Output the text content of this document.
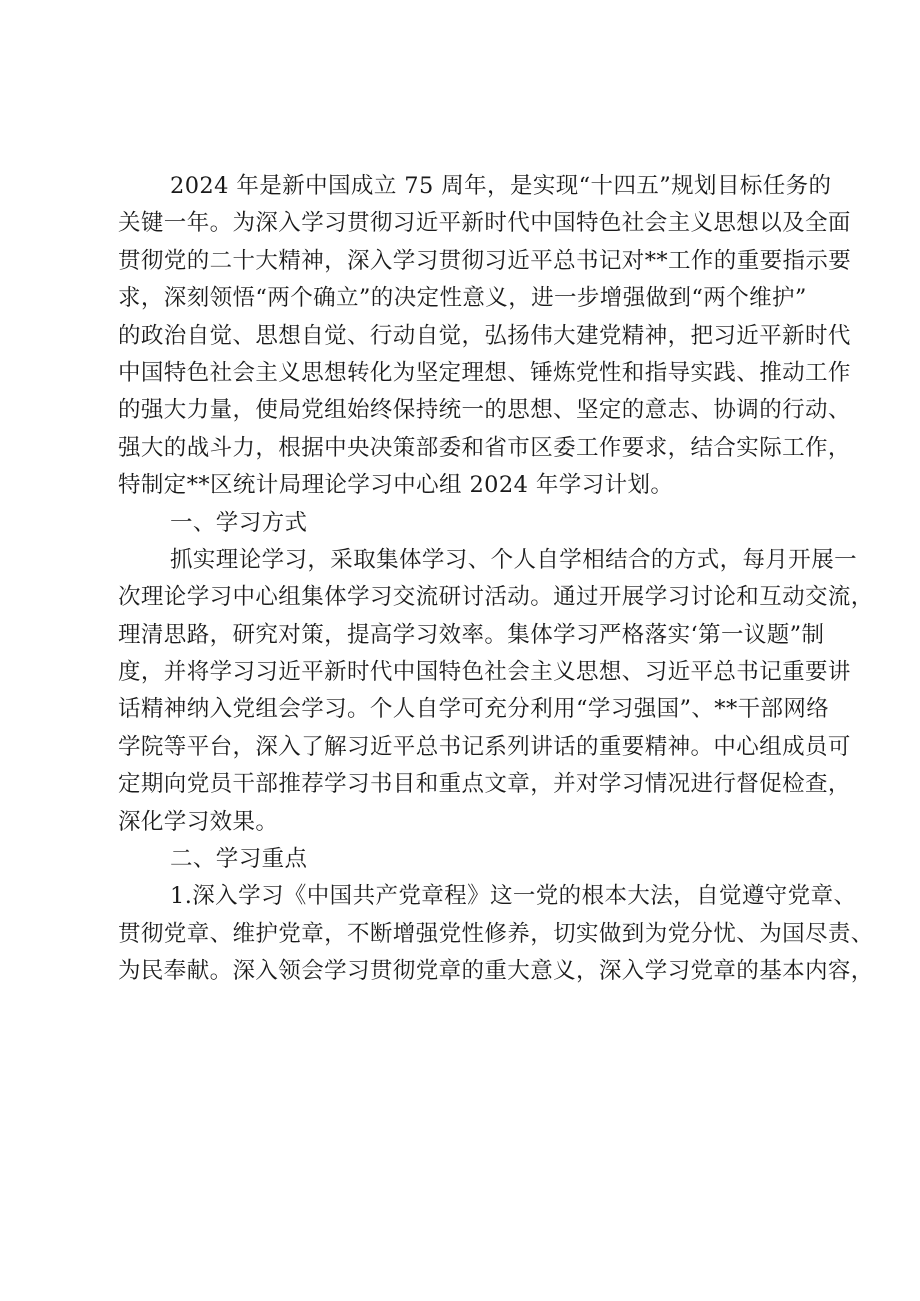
2024 年是新中国成立 75 周年，是实现“十四五”规划目标任务的
关键一年。为深入学习贯彻习近平新时代中国特色社会主义思想以及全面
贯彻党的二十大精神，深入学习贯彻习近平总书记对**工作的重要指示要
求，深刻领悟“两个确立”的决定性意义，进一步增强做到“两个维护”
的政治自觉、思想自觉、行动自觉，弘扬伟大建党精神，把习近平新时代
中国特色社会主义思想转化为坚定理想、锤炼党性和指导实践、推动工作
的强大力量，使局党组始终保持统一的思想、坚定的意志、协调的行动、
强大的战斗力，根据中央决策部委和省市区委工作要求，结合实际工作，
特制定**区统计局理论学习中心组 2024 年学习计划。
一、学习方式
抓实理论学习，采取集体学习、个人自学相结合的方式，每月开展一
次理论学习中心组集体学习交流研讨活动。通过开展学习讨论和互动交流，
理清思路，研究对策，提高学习效率。集体学习严格落实‘第一议题”制
度，并将学习习近平新时代中国特色社会主义思想、习近平总书记重要讲
话精神纳入党组会学习。个人自学可充分利用“学习强国”、**干部网络
学院等平台，深入了解习近平总书记系列讲话的重要精神。中心组成员可
定期向党员干部推荐学习书目和重点文章，并对学习情况进行督促检查，
深化学习效果。
二、学习重点
1.深入学习《中国共产党章程》这一党的根本大法，自觉遵守党章、
贯彻党章、维护党章，不断增强党性修养，切实做到为党分忧、为国尽责、
为民奉献。深入领会学习贯彻党章的重大意义，深入学习党章的基本内容，
